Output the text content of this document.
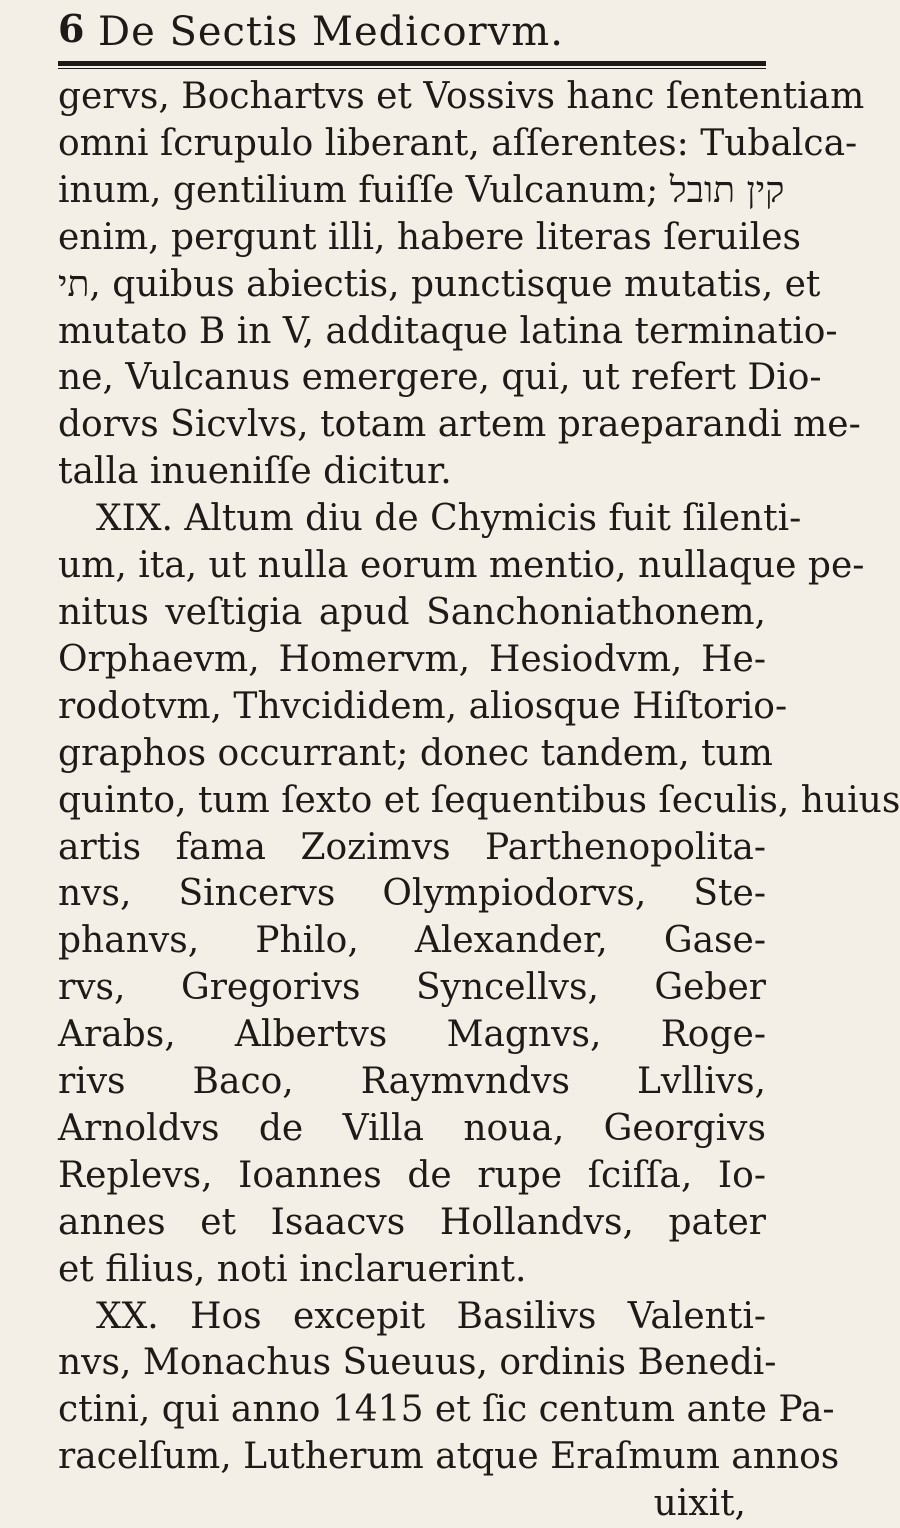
6 De Sectis Medicorvm.
gervs, Bochartvs et Vossivs hanc ſententiam
omni ſcrupulo liberant, aſſerentes: Tubalca-
inum, gentilium fuiſſe Vulcanum; קין תובל
enim, pergunt illi, habere literas ſeruiles
תי, quibus abiectis, punctisque mutatis, et
mutato B in V, additaque latina terminatio-
ne, Vulcanus emergere, qui, ut refert Dio-
dorvs Sicvlvs, totam artem praeparandi me-
talla inueniſſe dicitur.
XIX. Altum diu de Chymicis fuit ſilenti-
um, ita, ut nulla eorum mentio, nullaque pe-
nitus veſtigia apud Sanchoniathonem,
Orphaevm, Homervm, Hesiodvm, He-
rodotvm, Thvcididem, aliosque Hiſtorio-
graphos occurrant; donec tandem, tum
quinto, tum ſexto et ſequentibus ſeculis, huius
artis fama Zozimvs Parthenopolita-
nvs, Sincervs Olympiodorvs, Ste-
phanvs, Philo, Alexander, Gase-
rvs, Gregorivs Syncellvs, Geber
Arabs, Albertvs Magnvs, Roge-
rivs Baco, Raymvndvs Lvllivs,
Arnoldvs de Villa noua, Georgivs
Replevs, Ioannes de rupe ſciſſa, Io-
annes et Isaacvs Hollandvs, pater
et filius, noti inclaruerint.
XX. Hos excepit Basilivs Valenti-
nvs, Monachus Sueuus, ordinis Benedi-
ctini, qui anno 1415 et ſic centum ante Pa-
racelſum, Lutherum atque Eraſmum annos
uixit,
